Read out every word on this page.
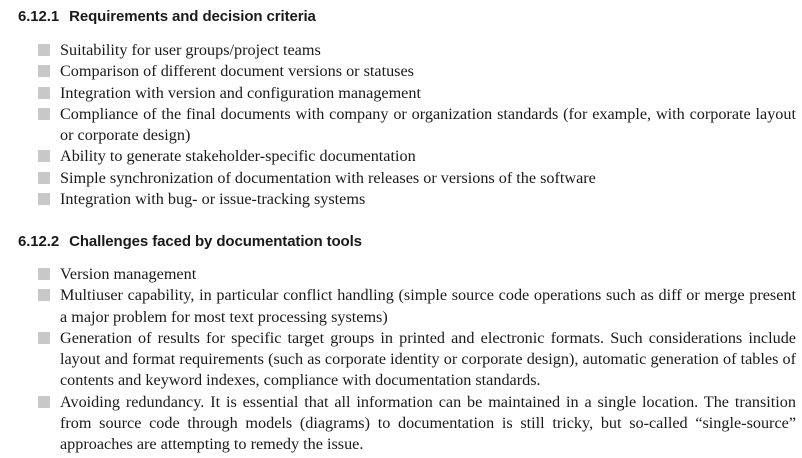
6.12.1 Requirements and decision criteria
Suitability for user groups/project teams
Comparison of different document versions or statuses
Integration with version and configuration management
Compliance of the final documents with company or organization standards (for example, with corporate layout or corporate design)
Ability to generate stakeholder-specific documentation
Simple synchronization of documentation with releases or versions of the software
Integration with bug- or issue-tracking systems
6.12.2 Challenges faced by documentation tools
Version management
Multiuser capability, in particular conflict handling (simple source code operations such as diff or merge present a major problem for most text processing systems)
Generation of results for specific target groups in printed and electronic formats. Such considerations include layout and format requirements (such as corporate identity or corporate design), automatic generation of tables of contents and keyword indexes, compliance with documentation standards.
Avoiding redundancy. It is essential that all information can be maintained in a single location. The transition from source code through models (diagrams) to documentation is still tricky, but so-called “single-source” approaches are attempting to remedy the issue.
